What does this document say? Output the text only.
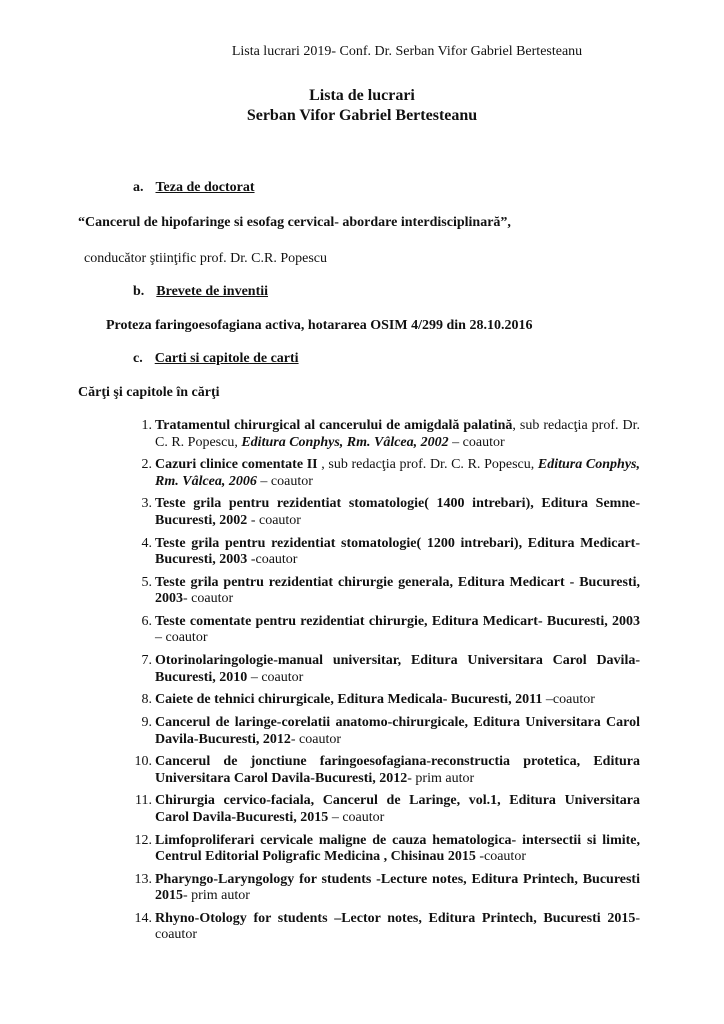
Lista lucrari 2019- Conf. Dr. Serban Vifor Gabriel Bertesteanu
Lista de lucrari
Serban Vifor Gabriel Bertesteanu
a. Teza de doctorat
“Cancerul de hipofaringe si esofag cervical- abordare interdisciplinară”,
conducător ştiinţific prof. Dr. C.R. Popescu
b. Brevete de inventii
Proteza faringoesofagiana activa, hotararea OSIM 4/299 din 28.10.2016
c. Carti si capitole de carti
Cărţi şi capitole în cărţi
1. Tratamentul chirurgical al cancerului de amigdală palatină, sub redacţia prof. Dr. C. R. Popescu, Editura Conphys, Rm. Vâlcea, 2002 – coautor
2. Cazuri clinice comentate II , sub redacţia prof. Dr. C. R. Popescu, Editura Conphys, Rm. Vâlcea, 2006 – coautor
3. Teste grila pentru rezidentiat stomatologie( 1400 intrebari), Editura Semne- Bucuresti, 2002 - coautor
4. Teste grila pentru rezidentiat stomatologie( 1200 intrebari), Editura Medicart- Bucuresti, 2003 -coautor
5. Teste grila pentru rezidentiat chirurgie generala, Editura Medicart - Bucuresti, 2003- coautor
6. Teste comentate pentru rezidentiat chirurgie, Editura Medicart- Bucuresti, 2003 – coautor
7. Otorinolaringologie-manual universitar, Editura Universitara Carol Davila- Bucuresti, 2010 – coautor
8. Caiete de tehnici chirurgicale, Editura Medicala- Bucuresti, 2011 –coautor
9. Cancerul de laringe-corelatii anatomo-chirurgicale, Editura Universitara Carol Davila-Bucuresti, 2012- coautor
10. Cancerul de jonctiune faringoesofagiana-reconstructia protetica, Editura Universitara Carol Davila-Bucuresti, 2012- prim autor
11. Chirurgia cervico-faciala, Cancerul de Laringe, vol.1, Editura Universitara Carol Davila-Bucuresti, 2015 – coautor
12. Limfoproliferari cervicale maligne de cauza hematologica- intersectii si limite, Centrul Editorial Poligrafic Medicina , Chisinau 2015 -coautor
13. Pharyngo-Laryngology for students -Lecture notes, Editura Printech, Bucuresti 2015- prim autor
14. Rhyno-Otology for students –Lector notes, Editura Printech, Bucuresti 2015- coautor
